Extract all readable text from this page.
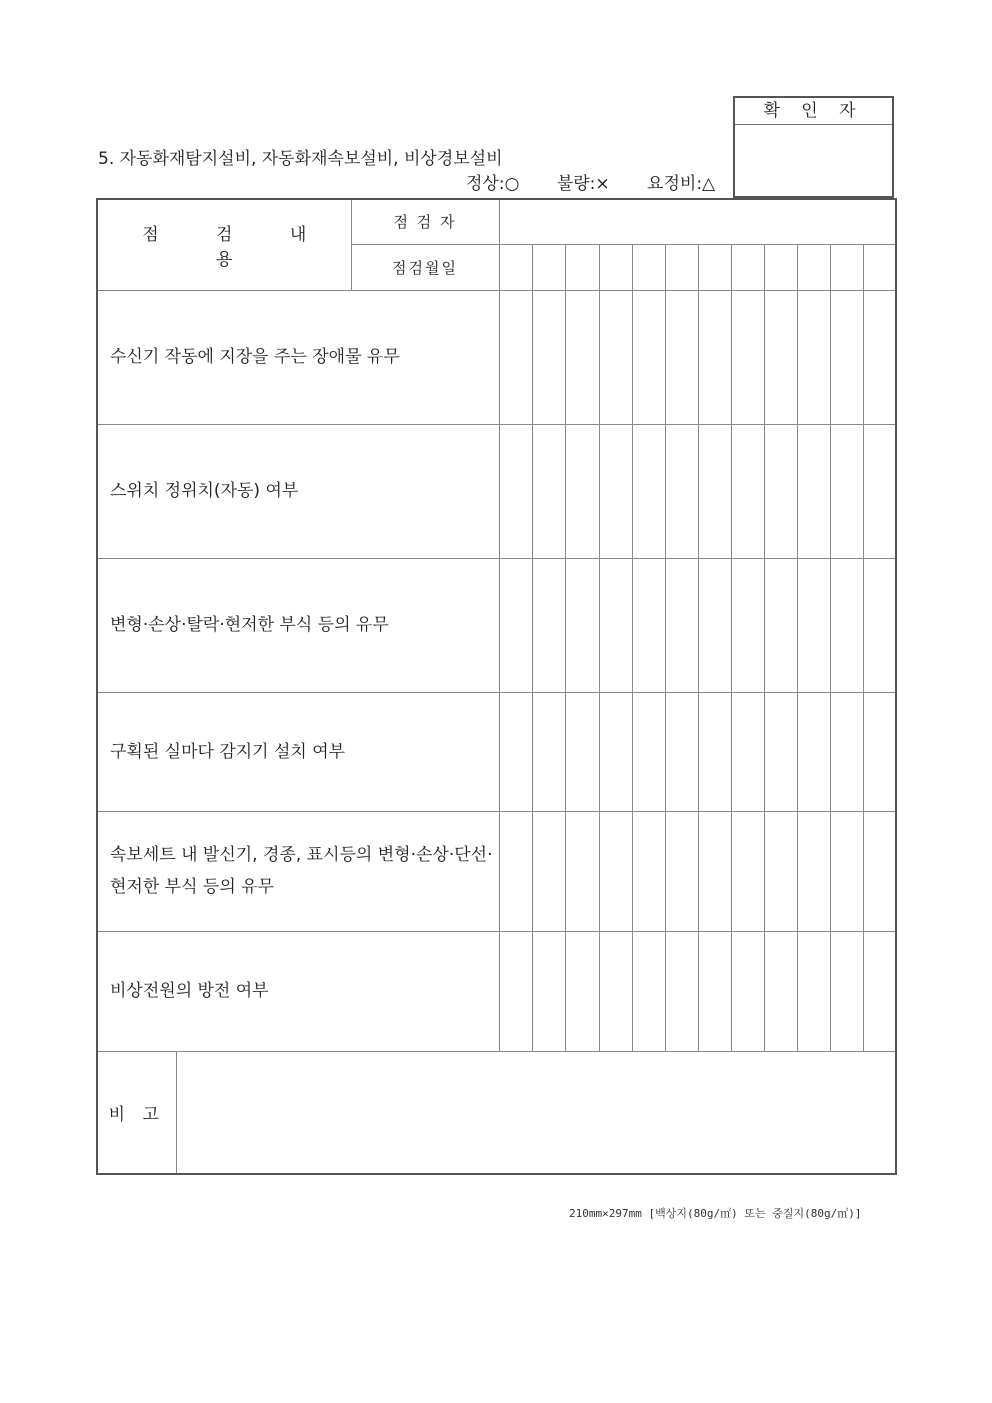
확 인 자
5. 자동화재탐지설비, 자동화재속보설비, 비상경보설비
정상:○ 불량:× 요정비:△
점 검 내 용		점 검 자												
		점검월일												
수신기 작동에 지장을 주는 장애물 유무														
스위치 정위치(자동) 여부														
변형·손상·탈락·현저한 부식 등의 유무														
구획된 실마다 감지기 설치 여부														
속보세트 내 발신기, 경종, 표시등의 변형·손상·단선·현저한 부식 등의 유무														
비상전원의 방전 여부														
비 고														
210mm×297mm [백상지(80g/㎡) 또는 중질지(80g/㎡)]
